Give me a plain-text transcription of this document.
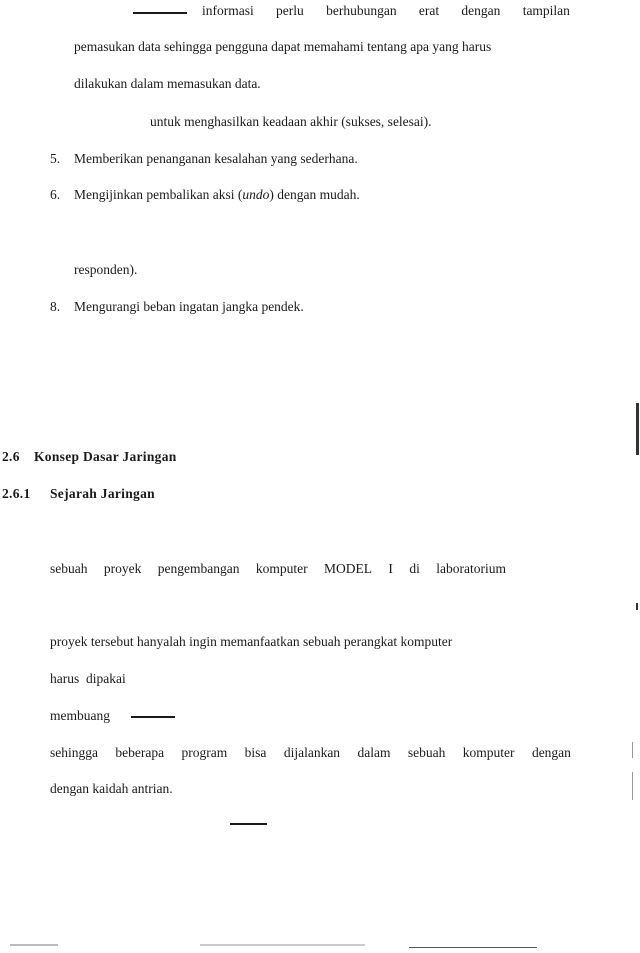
informasi perlu berhubungan erat dengan tampilan
pemasukan data sehingga pengguna dapat memahami tentang apa yang harus
dilakukan dalam memasukan data.
untuk menghasilkan keadaan akhir (sukses, selesai).
5. Memberikan penanganan kesalahan yang sederhana.
6. Mengijinkan pembalikan aksi (undo) dengan mudah.
responden).
8. Mengurangi beban ingatan jangka pendek.
2.6 Konsep Dasar Jaringan
2.6.1 Sejarah Jaringan
sebuah proyek pengembangan komputer MODEL I di laboratorium
proyek tersebut hanyalah ingin memanfaatkan sebuah perangkat komputer
harus  dipakai
membuang
sehingga beberapa program bisa dijalankan dalam sebuah komputer dengan
dengan kaidah antrian.
